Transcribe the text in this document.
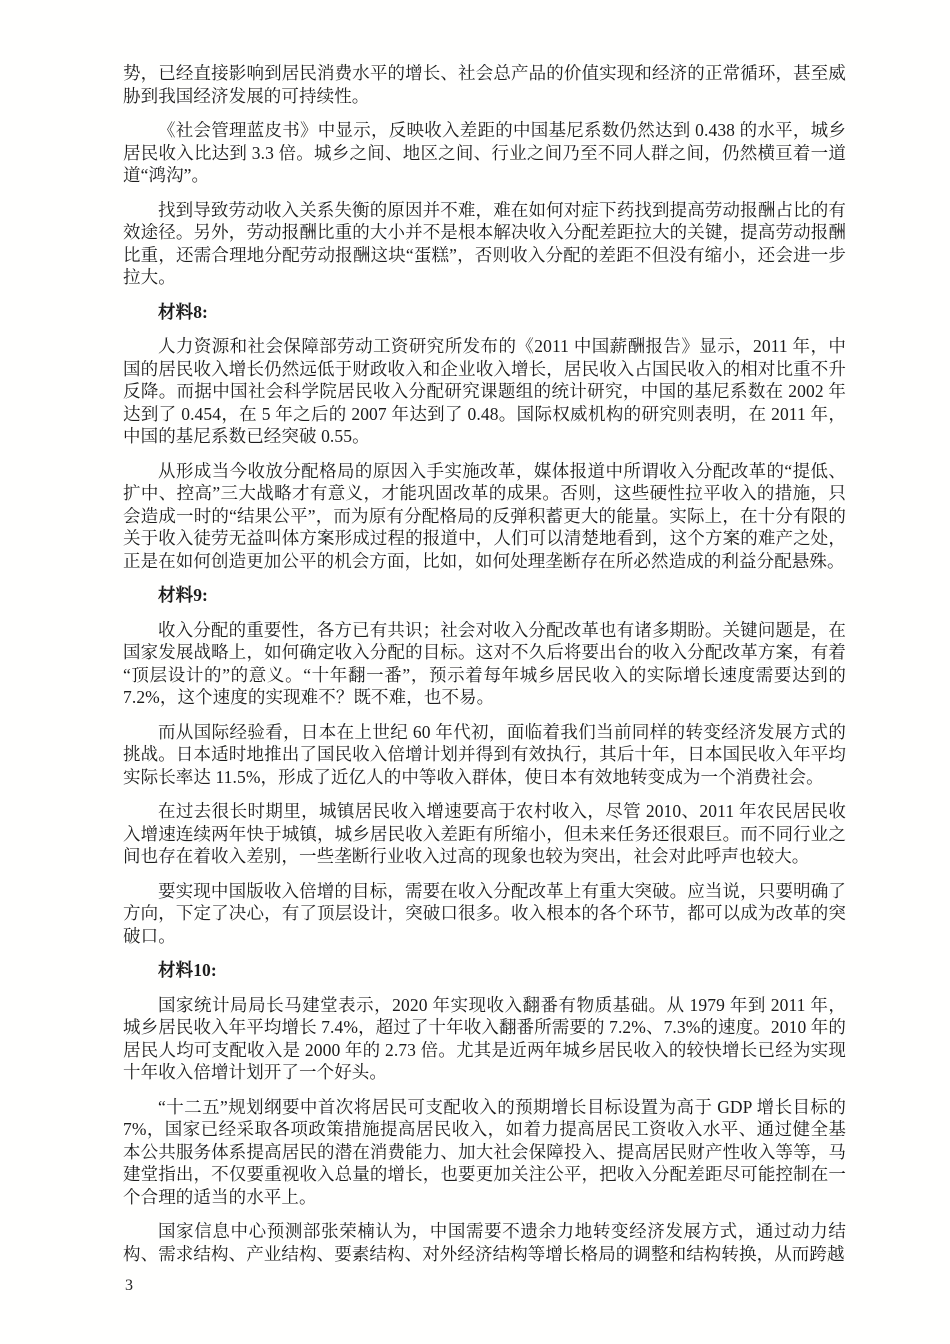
势，已经直接影响到居民消费水平的增长、社会总产品的价值实现和经济的正常循环，甚至威胁到我国经济发展的可持续性。

《社会管理蓝皮书》中显示，反映收入差距的中国基尼系数仍然达到 0.438 的水平，城乡居民收入比达到 3.3 倍。城乡之间、地区之间、行业之间乃至不同人群之间，仍然横亘着一道道“鸿沟”。

找到导致劳动收入关系失衡的原因并不难，难在如何对症下药找到提高劳动报酬占比的有效途径。另外，劳动报酬比重的大小并不是根本解决收入分配差距拉大的关键，提高劳动报酬比重，还需合理地分配劳动报酬这块“蛋糕”，否则收入分配的差距不但没有缩小，还会进一步拉大。

材料8:

人力资源和社会保障部劳动工资研究所发布的《2011 中国薪酬报告》显示，2011 年，中国的居民收入增长仍然远低于财政收入和企业收入增长，居民收入占国民收入的相对比重不升反降。而据中国社会科学院居民收入分配研究课题组的统计研究，中国的基尼系数在 2002 年达到了 0.454，在 5 年之后的 2007 年达到了 0.48。国际权威机构的研究则表明，在 2011 年，中国的基尼系数已经突破 0.55。

从形成当今收放分配格局的原因入手实施改革，媒体报道中所谓收入分配改革的“提低、扩中、控高”三大战略才有意义，才能巩固改革的成果。否则，这些硬性拉平收入的措施，只会造成一时的“结果公平”，而为原有分配格局的反弹积蓄更大的能量。实际上，在十分有限的关于收入徒劳无益叫体方案形成过程的报道中，人们可以清楚地看到，这个方案的难产之处，正是在如何创造更加公平的机会方面，比如，如何处理垄断存在所必然造成的利益分配悬殊。

材料9:

收入分配的重要性，各方已有共识；社会对收入分配改革也有诸多期盼。关键问题是，在国家发展战略上，如何确定收入分配的目标。这对不久后将要出台的收入分配改革方案，有着“顶层设计的”的意义。“十年翻一番”，预示着每年城乡居民收入的实际增长速度需要达到的 7.2%，这个速度的实现难不？既不难，也不易。

而从国际经验看，日本在上世纪 60 年代初，面临着我们当前同样的转变经济发展方式的挑战。日本适时地推出了国民收入倍增计划并得到有效执行，其后十年，日本国民收入年平均实际长率达 11.5%，形成了近亿人的中等收入群体，使日本有效地转变成为一个消费社会。

在过去很长时期里，城镇居民收入增速要高于农村收入，尽管 2010、2011 年农民居民收入增速连续两年快于城镇，城乡居民收入差距有所缩小，但未来任务还很艰巨。而不同行业之间也存在着收入差别，一些垄断行业收入过高的现象也较为突出，社会对此呼声也较大。

要实现中国版收入倍增的目标，需要在收入分配改革上有重大突破。应当说，只要明确了方向，下定了决心，有了顶层设计，突破口很多。收入根本的各个环节，都可以成为改革的突破口。

材料10:

国家统计局局长马建堂表示，2020 年实现收入翻番有物质基础。从 1979 年到 2011 年，城乡居民收入年平均增长 7.4%，超过了十年收入翻番所需要的 7.2%、7.3%的速度。2010 年的居民人均可支配收入是 2000 年的 2.73 倍。尤其是近两年城乡居民收入的较快增长已经为实现十年收入倍增计划开了一个好头。

“十二五”规划纲要中首次将居民可支配收入的预期增长目标设置为高于 GDP 增长目标的 7%，国家已经采取各项政策措施提高居民收入，如着力提高居民工资收入水平、通过健全基本公共服务体系提高居民的潜在消费能力、加大社会保障投入、提高居民财产性收入等等，马建堂指出，不仅要重视收入总量的增长，也要更加关注公平，把收入分配差距尽可能控制在一个合理的适当的水平上。

国家信息中心预测部张荣楠认为，中国需要不遗余力地转变经济发展方式，通过动力结构、需求结构、产业结构、要素结构、对外经济结构等增长格局的调整和结构转换，从而跨越

3
